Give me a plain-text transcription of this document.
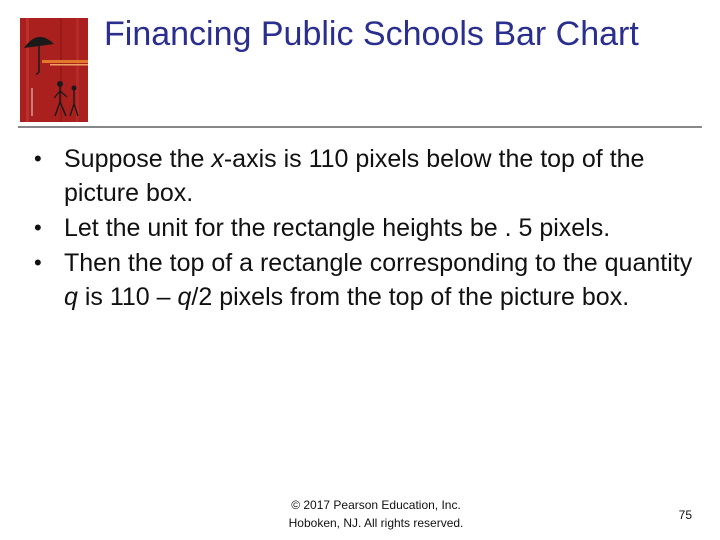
Financing Public Schools Bar Chart
• Suppose the x-axis is 110 pixels below the top of the picture box.
• Let the unit for the rectangle heights be . 5 pixels.
• Then the top of a rectangle corresponding to the quantity q is 110 – q/2 pixels from the top of the picture box.
© 2017 Pearson Education, Inc.
Hoboken, NJ. All rights reserved.
75
